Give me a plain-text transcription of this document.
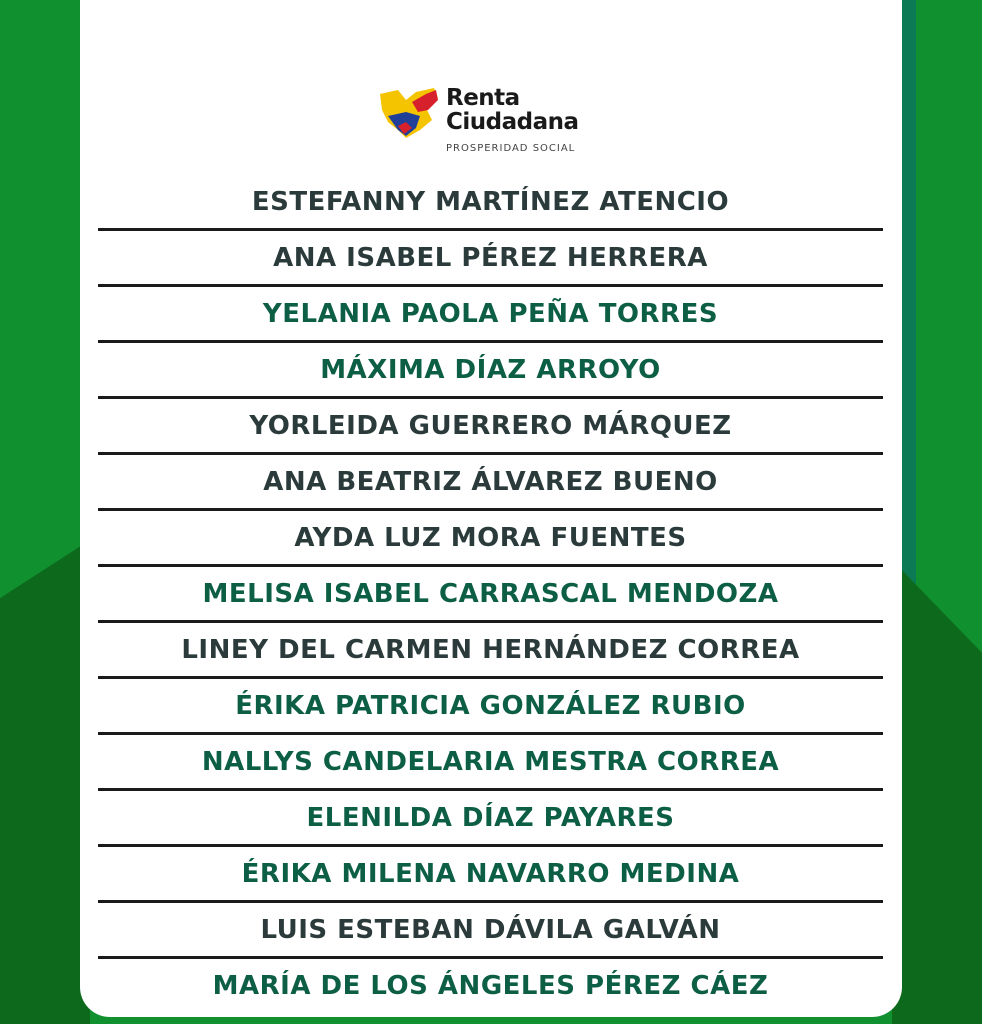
Renta
Ciudadana
PROSPERIDAD SOCIAL
ESTEFANNY MARTÍNEZ ATENCIO
ANA ISABEL PÉREZ HERRERA
YELANIA PAOLA PEÑA TORRES
MÁXIMA DÍAZ ARROYO
YORLEIDA GUERRERO MÁRQUEZ
ANA BEATRIZ ÁLVAREZ BUENO
AYDA LUZ MORA FUENTES
MELISA ISABEL CARRASCAL MENDOZA
LINEY DEL CARMEN HERNÁNDEZ CORREA
ÉRIKA PATRICIA GONZÁLEZ RUBIO
NALLYS CANDELARIA MESTRA CORREA
ELENILDA DÍAZ PAYARES
ÉRIKA MILENA NAVARRO MEDINA
LUIS ESTEBAN DÁVILA GALVÁN
MARÍA DE LOS ÁNGELES PÉREZ CÁEZ
